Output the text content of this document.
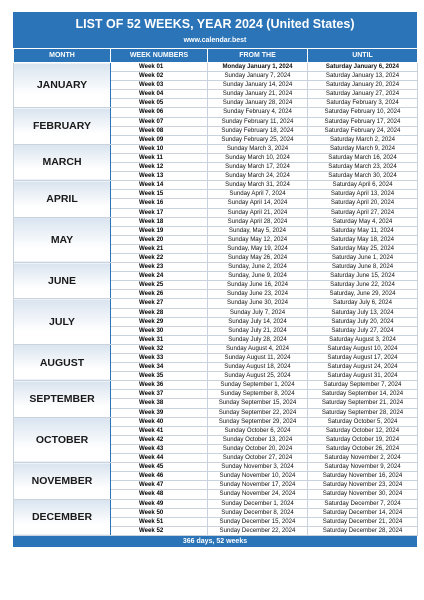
LIST OF 52 WEEKS, YEAR 2024 (United States)
www.calendar.best
MONTH	WEEK NUMBERS	FROM THE	UNTIL
JANUARY	Week 01	Monday January 1, 2024	Saturday January 6, 2024
	Week 02	Sunday January 7, 2024	Saturday January 13, 2024
	Week 03	Sunday January 14, 2024	Saturday January 20, 2024
	Week 04	Sunday January 21, 2024	Saturday January 27, 2024
	Week 05	Sunday January 28, 2024	Saturday February 3, 2024
FEBRUARY	Week 06	Sunday February 4, 2024	Saturday February 10, 2024
	Week 07	Sunday February 11, 2024	Saturday February 17, 2024
	Week 08	Sunday February 18, 2024	Saturday February 24, 2024
	Week 09	Sunday February 25, 2024	Saturday March 2, 2024
MARCH	Week 10	Sunday March 3, 2024	Saturday March 9, 2024
	Week 11	Sunday March 10, 2024	Saturday March 16, 2024
	Week 12	Sunday March 17, 2024	Saturday March 23, 2024
	Week 13	Sunday March 24, 2024	Saturday March 30, 2024
APRIL	Week 14	Sunday March 31, 2024	Saturday April 6, 2024
	Week 15	Sunday April 7, 2024	Saturday April 13, 2024
	Week 16	Sunday April 14, 2024	Saturday April 20, 2024
	Week 17	Sunday April 21, 2024	Saturday April 27, 2024
MAY	Week 18	Sunday April 28, 2024	Saturday May 4, 2024
	Week 19	Sunday, May 5, 2024	Saturday May 11, 2024
	Week 20	Sunday May 12, 2024	Saturday May 18, 2024
	Week 21	Sunday, May 19, 2024	Saturday May 25, 2024
	Week 22	Sunday May 26, 2024	Saturday June 1, 2024
JUNE	Week 23	Sunday, June 2, 2024	Saturday June 8, 2024
	Week 24	Sunday, June 9, 2024	Saturday June 15, 2024
	Week 25	Sunday June 16, 2024	Saturday June 22, 2024
	Week 26	Sunday June 23, 2024	Saturday, June 29, 2024
JULY	Week 27	Sunday June 30, 2024	Saturday July 6, 2024
	Week 28	Sunday July 7, 2024	Saturday July 13, 2024
	Week 29	Sunday July 14, 2024	Saturday July 20, 2024
	Week 30	Sunday July 21, 2024	Saturday July 27, 2024
	Week 31	Sunday July 28, 2024	Saturday August 3, 2024
AUGUST	Week 32	Sunday August 4, 2024	Saturday August 10, 2024
	Week 33	Sunday August 11, 2024	Saturday August 17, 2024
	Week 34	Sunday August 18, 2024	Saturday August 24, 2024
	Week 35	Sunday August 25, 2024	Saturday August 31, 2024
SEPTEMBER	Week 36	Sunday September 1, 2024	Saturday September 7, 2024
	Week 37	Sunday September 8, 2024	Saturday September 14, 2024
	Week 38	Sunday September 15, 2024	Saturday September 21, 2024
	Week 39	Sunday September 22, 2024	Saturday September 28, 2024
OCTOBER	Week 40	Sunday September 29, 2024	Saturday October 5, 2024
	Week 41	Sunday October 6, 2024	Saturday October 12, 2024
	Week 42	Sunday October 13, 2024	Saturday October 19, 2024
	Week 43	Sunday October 20, 2024	Saturday October 26, 2024
	Week 44	Sunday October 27, 2024	Saturday November 2, 2024
NOVEMBER	Week 45	Sunday November 3, 2024	Saturday November 9, 2024
	Week 46	Sunday November 10, 2024	Saturday November 16, 2024
	Week 47	Sunday November 17, 2024	Saturday November 23, 2024
	Week 48	Sunday November 24, 2024	Saturday November 30, 2024
DECEMBER	Week 49	Sunday December 1, 2024	Saturday December 7, 2024
	Week 50	Sunday December 8, 2024	Saturday December 14, 2024
	Week 51	Sunday December 15, 2024	Saturday December 21, 2024
	Week 52	Sunday December 22, 2024	Saturday December 28, 2024
366 days, 52 weeks
